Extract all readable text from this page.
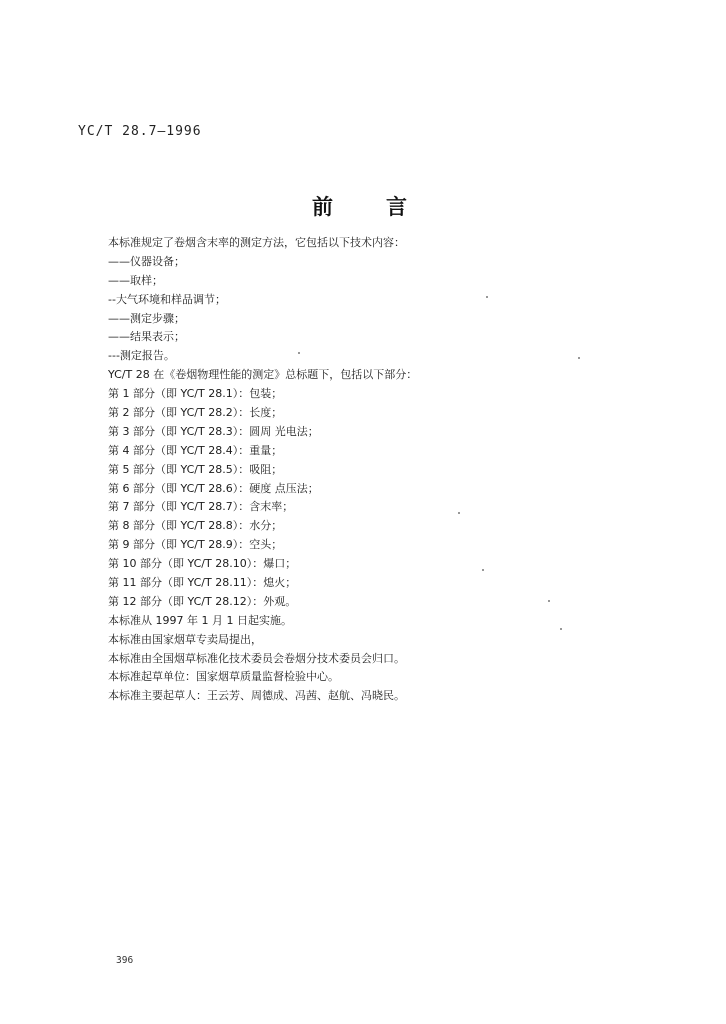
YC/T 28.7—1996
前 言
本标准规定了卷烟含末率的测定方法，它包括以下技术内容：
——仪器设备；
——取样；
--大气环境和样品调节；
——测定步骤；
——结果表示；
---测定报告。
YC/T 28 在《卷烟物理性能的测定》总标题下，包括以下部分：
第 1 部分（即 YC/T 28.1）：包装；
第 2 部分（即 YC/T 28.2）：长度；
第 3 部分（即 YC/T 28.3）：圆周 光电法；
第 4 部分（即 YC/T 28.4）：重量；
第 5 部分（即 YC/T 28.5）：吸阻；
第 6 部分（即 YC/T 28.6）：硬度 点压法；
第 7 部分（即 YC/T 28.7）：含末率；
第 8 部分（即 YC/T 28.8）：水分；
第 9 部分（即 YC/T 28.9）：空头；
第 10 部分（即 YC/T 28.10）：爆口；
第 11 部分（即 YC/T 28.11）：熄火；
第 12 部分（即 YC/T 28.12）：外观。
本标准从 1997 年 1 月 1 日起实施。
本标准由国家烟草专卖局提出，
本标准由全国烟草标准化技术委员会卷烟分技术委员会归口。
本标准起草单位：国家烟草质量监督检验中心。
本标准主要起草人：王云芳、周德成、冯茜、赵航、冯晓民。
396
